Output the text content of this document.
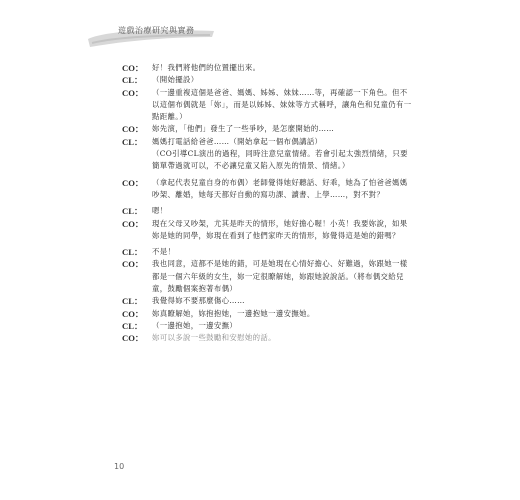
遊戲治療研究與實務
CO：	好！我們將他們的位置擺出來。
CL：	（開始擺設）
CO：	（一邊重複這個是爸爸、媽媽、姊姊、妹妹……等，再確認一下角色。但不以這個布偶就是「妳」，而是以姊姊、妹妹等方式稱呼，讓角色和兒童仍有一點距離。）
CO：	妳先演，「他們」發生了一些爭吵，是怎麼開始的……
CL：	媽媽打電話給爸爸……（開始拿起一個布偶講話）
（CO引導CL演出的過程，同時注意兒童情緒。若會引起太強烈情緒，只要簡單帶過就可以，不必讓兒童又陷入原先的情景、情緒。）
CO：	（拿起代表兒童自身的布偶）老師覺得她好聽話、好乖，她為了怕爸爸媽媽吵架、離婚，她每天都好自動的寫功課、讀書、上學……，對不對？
CL：	嗯！
CO：	現在父母又吵架，尤其是昨天的情形，她好擔心喔！小英！我要妳說，如果妳是她的同學，妳現在看到了他們家昨天的情形，妳覺得這是她的錯嗎？
CL：	不是！
CO：	我也同意，這都不是她的錯，可是她現在心情好擔心、好難過，妳跟她一樣都是一個六年級的女生，妳一定很瞭解她，妳跟她說說話。（將布偶交給兒童，鼓勵個案抱著布偶）
CL：	我覺得妳不要那麼傷心……
CO：	妳真瞭解她，妳抱抱她，一邊抱她一邊安撫她。
CL：	（一邊抱她，一邊安撫）
CO：	妳可以多說一些鼓勵和安慰她的話。
10
